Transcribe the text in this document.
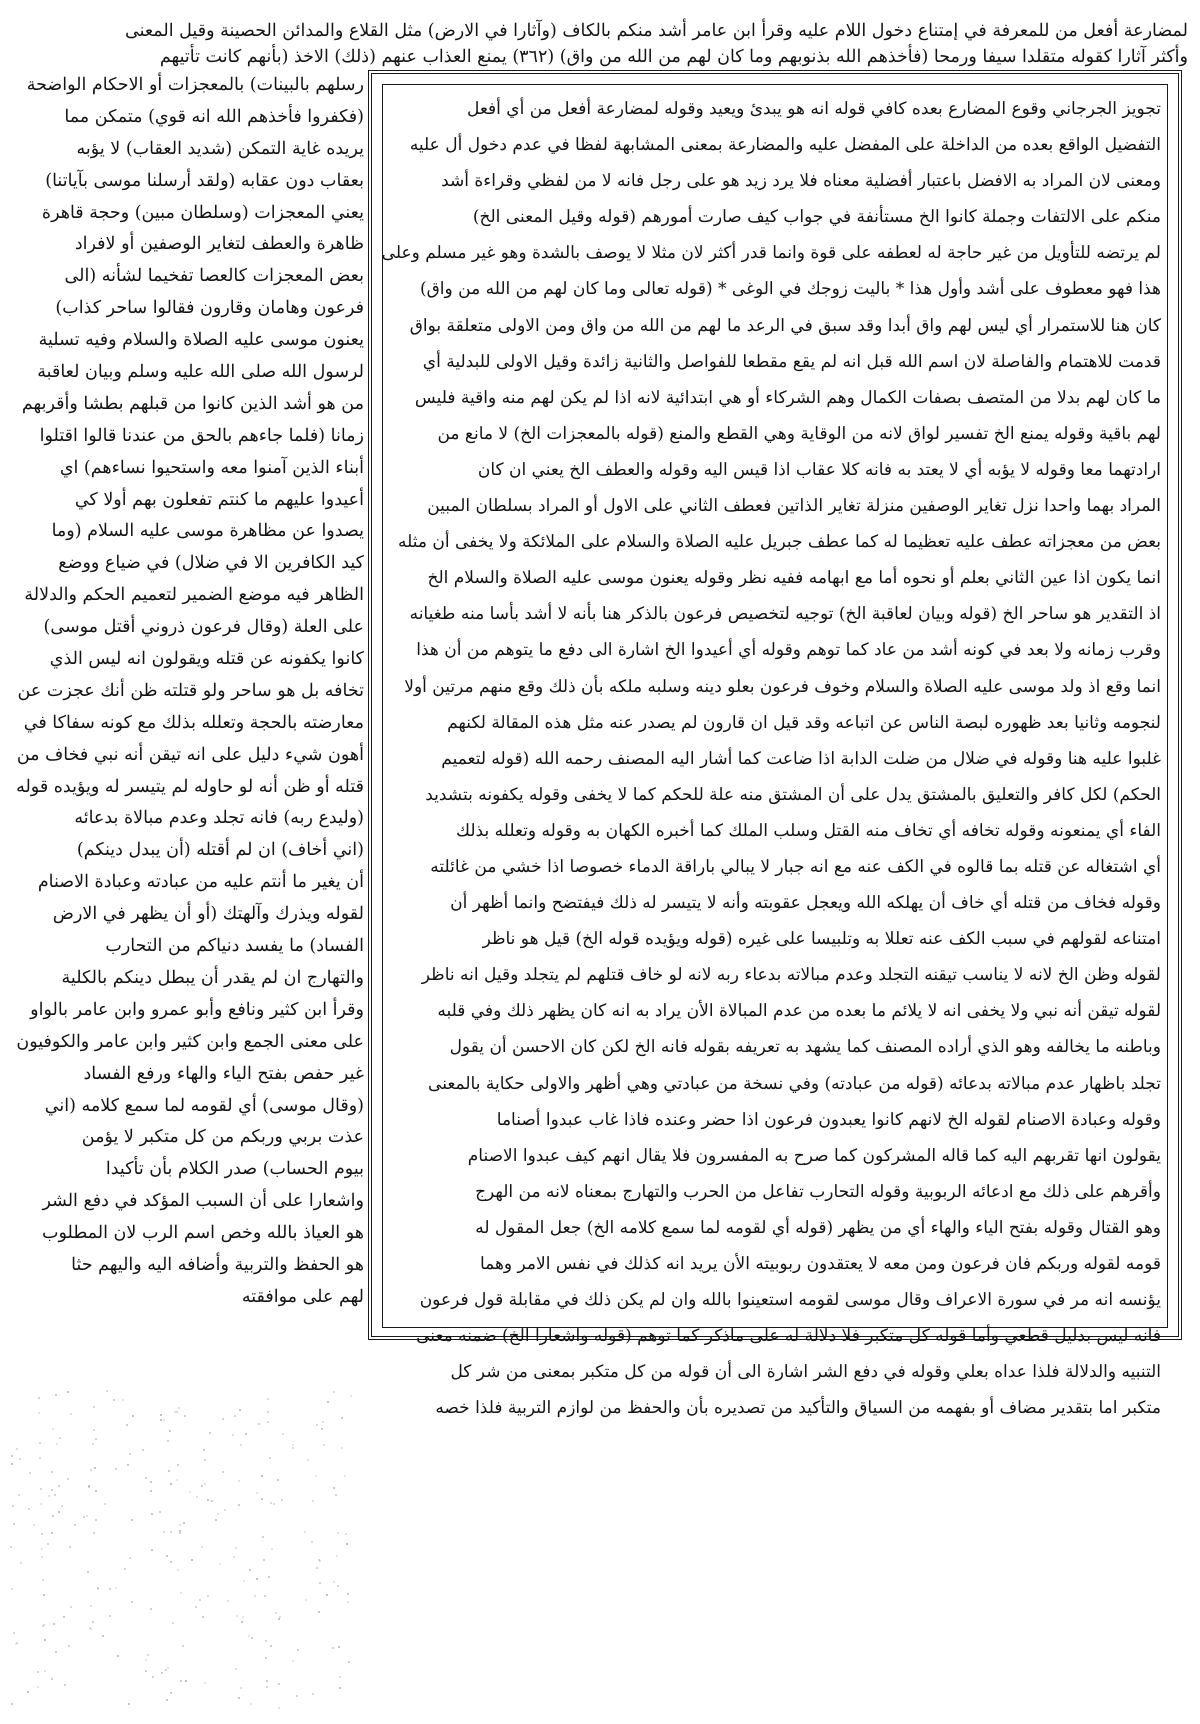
لمضارعة أفعل من للمعرفة في إمتناع دخول اللام عليه وقرأ ابن عامر أشد منكم بالكاف (وآثارا في الارض) مثل القلاع والمدائن الحصينة وقيل المعنى
وأكثر آثارا كقوله متقلدا سيفا ورمحا (فأخذهم الله بذنوبهم وما كان لهم من الله من واق) (٣٦٢) يمنع العذاب عنهم (ذلك) الاخذ (بأنهم كانت تأتيهم
رسلهم بالبينات) بالمعجزات أو الاحكام الواضحة
(فكفروا فأخذهم الله انه قوي) متمكن مما
يريده غاية التمكن (شديد العقاب) لا يؤبه
بعقاب دون عقابه (ولقد أرسلنا موسى بآياتنا)
يعني المعجزات (وسلطان مبين) وحجة قاهرة
ظاهرة والعطف لتغاير الوصفين أو لافراد
بعض المعجزات كالعصا تفخيما لشأنه (الى
فرعون وهامان وقارون فقالوا ساحر كذاب)
يعنون موسى عليه الصلاة والسلام وفيه تسلية
لرسول الله صلى الله عليه وسلم وبيان لعاقبة
من هو أشد الذين كانوا من قبلهم بطشا وأقربهم
زمانا (فلما جاءهم بالحق من عندنا قالوا اقتلوا
أبناء الذين آمنوا معه واستحيوا نساءهم) اي
أعيدوا عليهم ما كنتم تفعلون بهم أولا كي
يصدوا عن مظاهرة موسى عليه السلام (وما
كيد الكافرين الا في ضلال) في ضياع ووضع
الظاهر فيه موضع الضمير لتعميم الحكم والدلالة
على العلة (وقال فرعون ذروني أقتل موسى)
كانوا يكفونه عن قتله ويقولون انه ليس الذي
تخافه بل هو ساحر ولو قتلته ظن أنك عجزت عن
معارضته بالحجة وتعلله بذلك مع كونه سفاكا في
أهون شيء دليل على انه تيقن أنه نبي فخاف من
قتله أو ظن أنه لو حاوله لم يتيسر له ويؤيده قوله
(وليدع ربه) فانه تجلد وعدم مبالاة بدعائه
(اني أخاف) ان لم أقتله (أن يبدل دينكم)
أن يغير ما أنتم عليه من عبادته وعبادة الاصنام
لقوله ويذرك وآلهتك (أو أن يظهر في الارض
الفساد) ما يفسد دنياكم من التحارب
والتهارج ان لم يقدر أن يبطل دينكم بالكلية
وقرأ ابن كثير ونافع وأبو عمرو وابن عامر بالواو
على معنى الجمع وابن كثير وابن عامر والكوفيون
غير حفص بفتح الياء والهاء ورفع الفساد
(وقال موسى) أي لقومه لما سمع كلامه (اني
عذت بربي وربكم من كل متكبر لا يؤمن
بيوم الحساب) صدر الكلام بأن تأكيدا
واشعارا على أن السبب المؤكد في دفع الشر
هو العياذ بالله وخص اسم الرب لان المطلوب
هو الحفظ والتربية وأضافه اليه واليهم حثا
لهم على موافقته
تجويز الجرجاني وقوع المضارع بعده كافي قوله انه هو يبدئ ويعيد وقوله لمضارعة أفعل من أي أفعل
التفضيل الواقع بعده من الداخلة على المفضل عليه والمضارعة بمعنى المشابهة لفظا في عدم دخول أل عليه
ومعنى لان المراد به الافضل باعتبار أفضلية معناه فلا يرد زيد هو على رجل فانه لا من لفظي وقراءة أشد
منكم على الالتفات وجملة كانوا الخ مستأنفة في جواب كيف صارت أمورهم (قوله وقيل المعنى الخ)
لم يرتضه للتأويل من غير حاجة له لعطفه على قوة وانما قدر أكثر لان مثلا لا يوصف بالشدة وهو غير مسلم وعلى
هذا فهو معطوف على أشد وأول هذا * باليت زوجك في الوغى * (قوله تعالى وما كان لهم من الله من واق)
كان هنا للاستمرار أي ليس لهم واق أبدا وقد سبق في الرعد ما لهم من الله من واق ومن الاولى متعلقة بواق
قدمت للاهتمام والفاصلة لان اسم الله قبل انه لم يقع مقطعا للفواصل والثانية زائدة وقيل الاولى للبدلية أي
ما كان لهم بدلا من المتصف بصفات الكمال وهم الشركاء أو هي ابتدائية لانه اذا لم يكن لهم منه واقية فليس
لهم باقية وقوله يمنع الخ تفسير لواق لانه من الوقاية وهي القطع والمنع (قوله بالمعجزات الخ) لا مانع من
ارادتهما معا وقوله لا يؤبه أي لا يعتد به فانه كلا عقاب اذا قيس اليه وقوله والعطف الخ يعني ان كان
المراد بهما واحدا نزل تغاير الوصفين منزلة تغاير الذاتين فعطف الثاني على الاول أو المراد بسلطان المبين
بعض من معجزاته عطف عليه تعظيما له كما عطف جبريل عليه الصلاة والسلام على الملائكة ولا يخفى أن مثله
انما يكون اذا عين الثاني بعلم أو نحوه أما مع ابهامه ففيه نظر وقوله يعنون موسى عليه الصلاة والسلام الخ
اذ التقدير هو ساحر الخ (قوله وبيان لعاقبة الخ) توجيه لتخصيص فرعون بالذكر هنا بأنه لا أشد بأسا منه طغيانه
وقرب زمانه ولا بعد في كونه أشد من عاد كما توهم وقوله أي أعيدوا الخ اشارة الى دفع ما يتوهم من أن هذا
انما وقع اذ ولد موسى عليه الصلاة والسلام وخوف فرعون بعلو دينه وسلبه ملكه بأن ذلك وقع منهم مرتين أولا
لنجومه وثانيا بعد ظهوره لبصة الناس عن اتباعه وقد قيل ان قارون لم يصدر عنه مثل هذه المقالة لكنهم
غلبوا عليه هنا وقوله في ضلال من ضلت الدابة اذا ضاعت كما أشار اليه المصنف رحمه الله (قوله لتعميم
الحكم) لكل كافر والتعليق بالمشتق يدل على أن المشتق منه علة للحكم كما لا يخفى وقوله يكفونه بتشديد
الفاء أي يمنعونه وقوله تخافه أي تخاف منه القتل وسلب الملك كما أخبره الكهان به وقوله وتعلله بذلك
أي اشتغاله عن قتله بما قالوه في الكف عنه مع انه جبار لا يبالي باراقة الدماء خصوصا اذا خشي من غائلته
وقوله فخاف من قتله أي خاف أن يهلكه الله ويعجل عقوبته وأنه لا يتيسر له ذلك فيفتضح وانما أظهر أن
امتناعه لقولهم في سبب الكف عنه تعللا به وتلبيسا على غيره (قوله ويؤيده قوله الخ) قيل هو ناظر
لقوله وظن الخ لانه لا يناسب تيقنه التجلد وعدم مبالاته بدعاء ربه لانه لو خاف قتلهم لم يتجلد وقيل انه ناظر
لقوله تيقن أنه نبي ولا يخفى انه لا يلائم ما بعده من عدم المبالاة الأن يراد به انه كان يظهر ذلك وفي قلبه
وباطنه ما يخالفه وهو الذي أراده المصنف كما يشهد به تعريفه بقوله فانه الخ لكن كان الاحسن أن يقول
تجلد باظهار عدم مبالاته بدعائه (قوله من عبادته) وفي نسخة من عبادتي وهي أظهر والاولى حكاية بالمعنى
وقوله وعبادة الاصنام لقوله الخ لانهم كانوا يعبدون فرعون اذا حضر وعنده فاذا غاب عبدوا أصناما
يقولون انها تقربهم اليه كما قاله المشركون كما صرح به المفسرون فلا يقال انهم كيف عبدوا الاصنام
وأقرهم على ذلك مع ادعائه الربوبية وقوله التحارب تفاعل من الحرب والتهارج بمعناه لانه من الهرج
وهو القتال وقوله بفتح الياء والهاء أي من يظهر (قوله أي لقومه لما سمع كلامه الخ) جعل المقول له
قومه لقوله وربكم فان فرعون ومن معه لا يعتقدون ربوبيته الأن يريد انه كذلك في نفس الامر وهما
يؤنسه انه مر في سورة الاعراف وقال موسى لقومه استعينوا بالله وان لم يكن ذلك في مقابلة قول فرعون
فانه ليس بدليل قطعي وأما قوله كل متكبر فلا دلالة له على ماذكر كما توهم (قوله واشعارا الخ) ضمنه معنى
التنبيه والدلالة فلذا عداه بعلي وقوله في دفع الشر اشارة الى أن قوله من كل متكبر بمعنى من شر كل
متكبر اما بتقدير مضاف أو بفهمه من السياق والتأكيد من تصديره بأن والحفظ من لوازم التربية فلذا خصه
